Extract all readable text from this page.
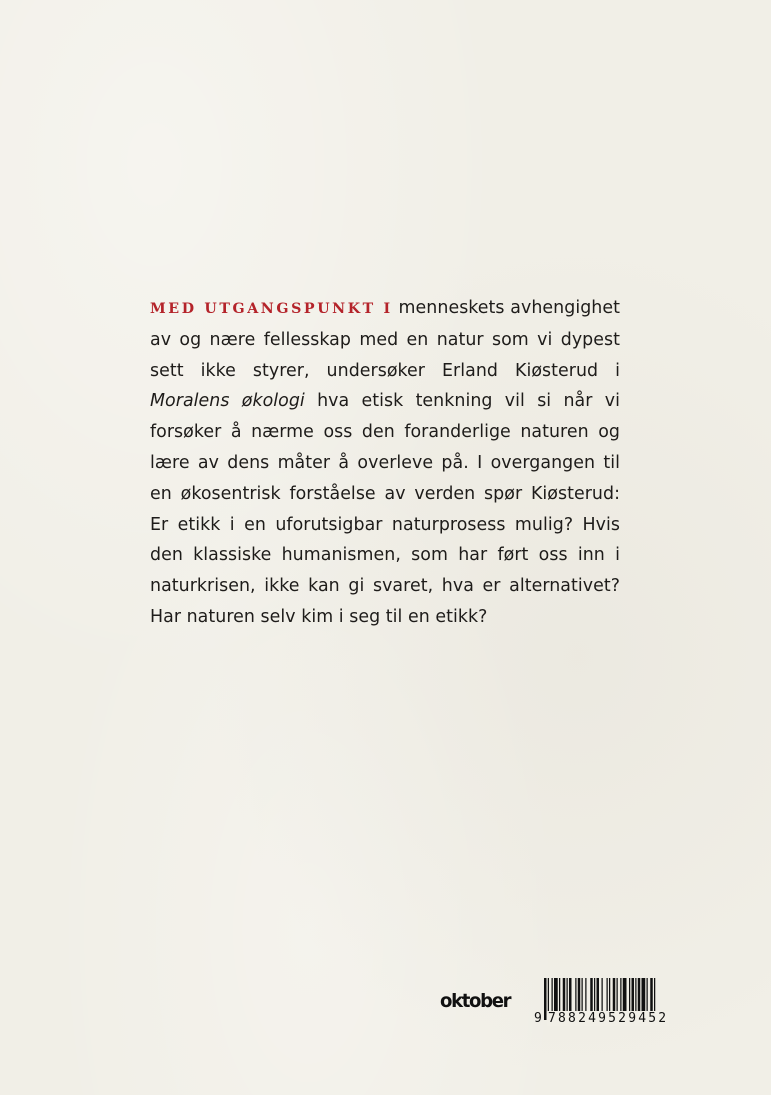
MED UTGANGSPUNKT I menneskets avhengighet av og nære fellesskap med en natur som vi dypest sett ikke styrer, undersøker Erland Kiøsterud i Moralens økologi hva etisk tenkning vil si når vi forsøker å nærme oss den foranderlige naturen og lære av dens måter å overleve på. I overgangen til en økosentrisk forståelse av verden spør Kiøsterud: Er etikk i en uforutsigbar naturprosess mulig? Hvis den klassiske humanismen, som har ført oss inn i naturkrisen, ikke kan gi svaret, hva er alternativet? Har naturen selv kim i seg til en etikk?

oktober
9 788249529452
